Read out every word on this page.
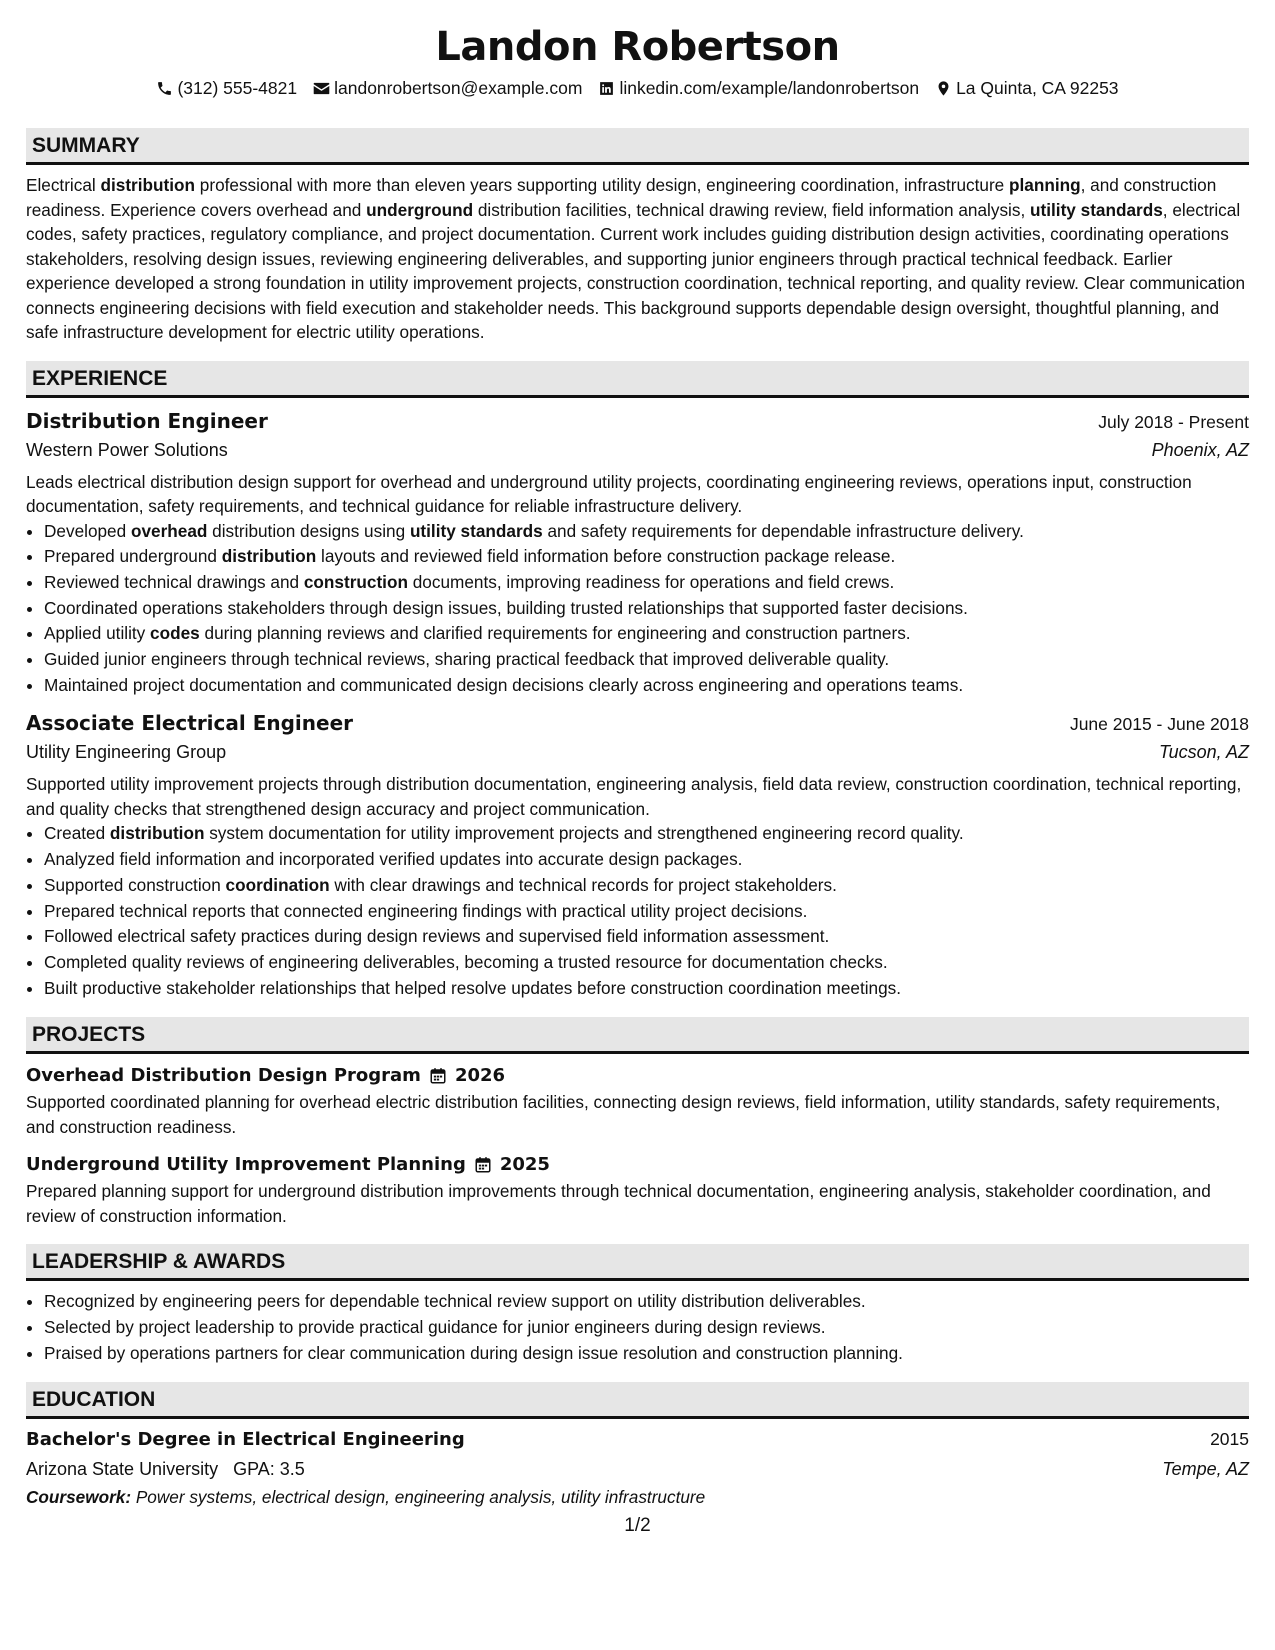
Landon Robertson
(312) 555-4821 landonrobertson@example.com linkedin.com/example/landonrobertson La Quinta, CA 92253
SUMMARY
Electrical distribution professional with more than eleven years supporting utility design, engineering coordination, infrastructure planning, and construction readiness. Experience covers overhead and underground distribution facilities, technical drawing review, field information analysis, utility standards, electrical codes, safety practices, regulatory compliance, and project documentation. Current work includes guiding distribution design activities, coordinating operations stakeholders, resolving design issues, reviewing engineering deliverables, and supporting junior engineers through practical technical feedback. Earlier experience developed a strong foundation in utility improvement projects, construction coordination, technical reporting, and quality review. Clear communication connects engineering decisions with field execution and stakeholder needs. This background supports dependable design oversight, thoughtful planning, and safe infrastructure development for electric utility operations.
EXPERIENCE
Distribution Engineer	July 2018 - Present
Western Power Solutions	Phoenix, AZ
Leads electrical distribution design support for overhead and underground utility projects, coordinating engineering reviews, operations input, construction documentation, safety requirements, and technical guidance for reliable infrastructure delivery.
• Developed overhead distribution designs using utility standards and safety requirements for dependable infrastructure delivery.
• Prepared underground distribution layouts and reviewed field information before construction package release.
• Reviewed technical drawings and construction documents, improving readiness for operations and field crews.
• Coordinated operations stakeholders through design issues, building trusted relationships that supported faster decisions.
• Applied utility codes during planning reviews and clarified requirements for engineering and construction partners.
• Guided junior engineers through technical reviews, sharing practical feedback that improved deliverable quality.
• Maintained project documentation and communicated design decisions clearly across engineering and operations teams.
Associate Electrical Engineer	June 2015 - June 2018
Utility Engineering Group	Tucson, AZ
Supported utility improvement projects through distribution documentation, engineering analysis, field data review, construction coordination, technical reporting, and quality checks that strengthened design accuracy and project communication.
• Created distribution system documentation for utility improvement projects and strengthened engineering record quality.
• Analyzed field information and incorporated verified updates into accurate design packages.
• Supported construction coordination with clear drawings and technical records for project stakeholders.
• Prepared technical reports that connected engineering findings with practical utility project decisions.
• Followed electrical safety practices during design reviews and supervised field information assessment.
• Completed quality reviews of engineering deliverables, becoming a trusted resource for documentation checks.
• Built productive stakeholder relationships that helped resolve updates before construction coordination meetings.
PROJECTS
Overhead Distribution Design Program 2026
Supported coordinated planning for overhead electric distribution facilities, connecting design reviews, field information, utility standards, safety requirements, and construction readiness.
Underground Utility Improvement Planning 2025
Prepared planning support for underground distribution improvements through technical documentation, engineering analysis, stakeholder coordination, and review of construction information.
LEADERSHIP & AWARDS
• Recognized by engineering peers for dependable technical review support on utility distribution deliverables.
• Selected by project leadership to provide practical guidance for junior engineers during design reviews.
• Praised by operations partners for clear communication during design issue resolution and construction planning.
EDUCATION
Bachelor's Degree in Electrical Engineering	2015
Arizona State University GPA: 3.5	Tempe, AZ
Coursework: Power systems, electrical design, engineering analysis, utility infrastructure
1/2
